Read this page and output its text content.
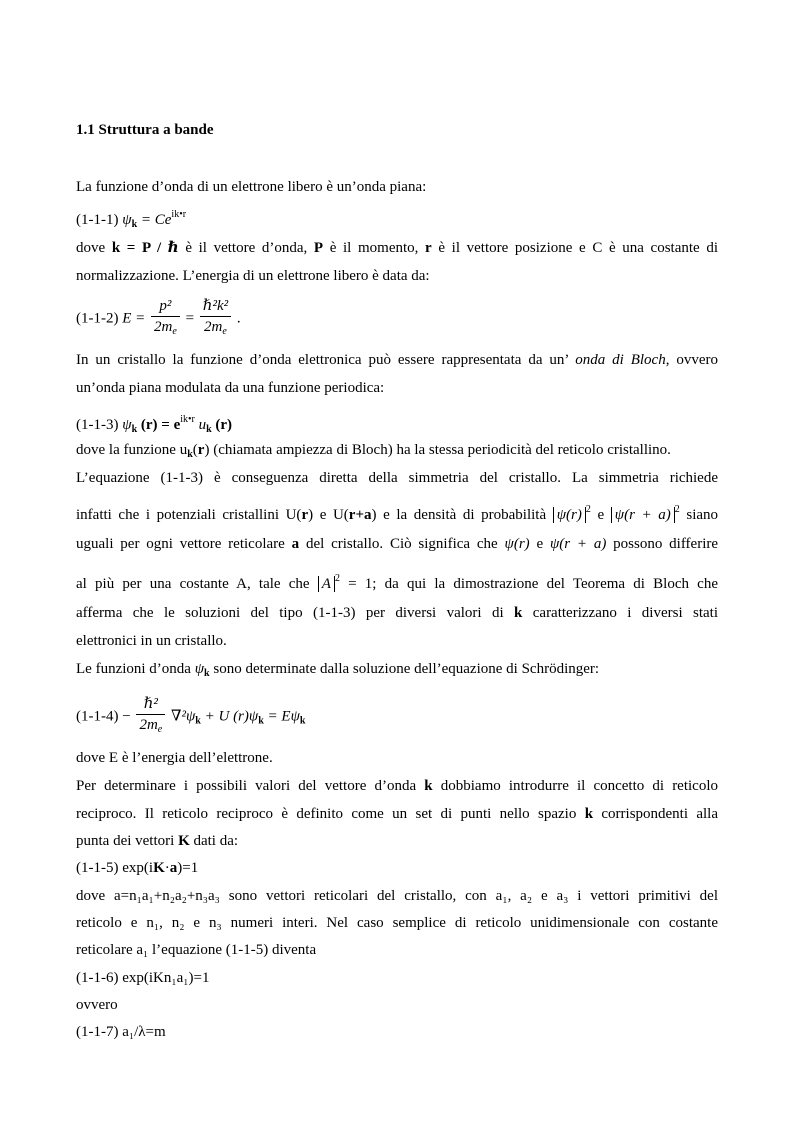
1.1 Struttura a bande
La funzione d’onda di un elettrone libero è un’onda piana:
(1-1-1) $\psi_k = Ce^{ik•r}$
dove k = P / ℏ è il vettore d’onda, P è il momento, r è il vettore posizione e C è una costante di
normalizzazione. L’energia di un elettrone libero è data da:
(1-1-2) $E = \frac{\text{p²}}{2m_e} = \frac{\text{ℏ²k²}}{2m_e}$ .
In un cristallo la funzione d’onda elettronica può essere rappresentata da un’ onda di Bloch, ovvero
un’onda piana modulata da una funzione periodica:
(1-1-3) $\psi_k$ $(r) = e^{ik•r}$ $u_k$ (r)
dove la funzione $u_k(r)$ (chiamata ampiezza di Bloch) ha la stessa periodicità del reticolo cristallino.
L’equazione (1-1-3) è conseguenza diretta della simmetria del cristallo. La simmetria richiede
infatti che i potenziali cristallini U(r) e U(r+a) e la densità di probabilità ψ(r) $^2$ e ψ(r + a) $^2$ siano
uguali per ogni vettore reticolare a del cristallo. Ciò significa che ψ(r) e ψ(r + a) possono differire
al più per una costante A, tale che A $^2$ = 1; da qui la dimostrazione del Teorema di Bloch che
afferma che le soluzioni del tipo (1-1-3) per diversi valori di k caratterizzano i diversi stati
elettronici in un cristallo.
Le funzioni d’onda $\psi_k$ sono determinate dalla soluzione dell’equazione di Schrödinger:
$(1-1-4) - \frac{\text{ℏ²}}{2m_e} \nabla^2\psi_k + U$ $(r)\psi_k = E\psi_k$
dove E è l’energia dell’elettrone.
Per determinare i possibili valori del vettore d’onda k dobbiamo introdurre il concetto di reticolo
reciproco. Il reticolo reciproco è definito come un set di punti nello spazio k corrispondenti alla
punta dei vettori K dati da:
(1-1-5) exp(iK·a)=1
dove a=n₁a₁+n₂a₂+n₃a₃ sono vettori reticolari del cristallo, con a₁, a₂ e a₃ i vettori primitivi del
reticolo e n₁, n₂ e n₃ numeri interi. Nel caso semplice di reticolo unidimensionale con costante
reticolare a₁ l’equazione (1-1-5) diventa
(1-1-6) exp(iKn₁a₁)=1
ovvero
(1-1-7) a₁/λ=m
